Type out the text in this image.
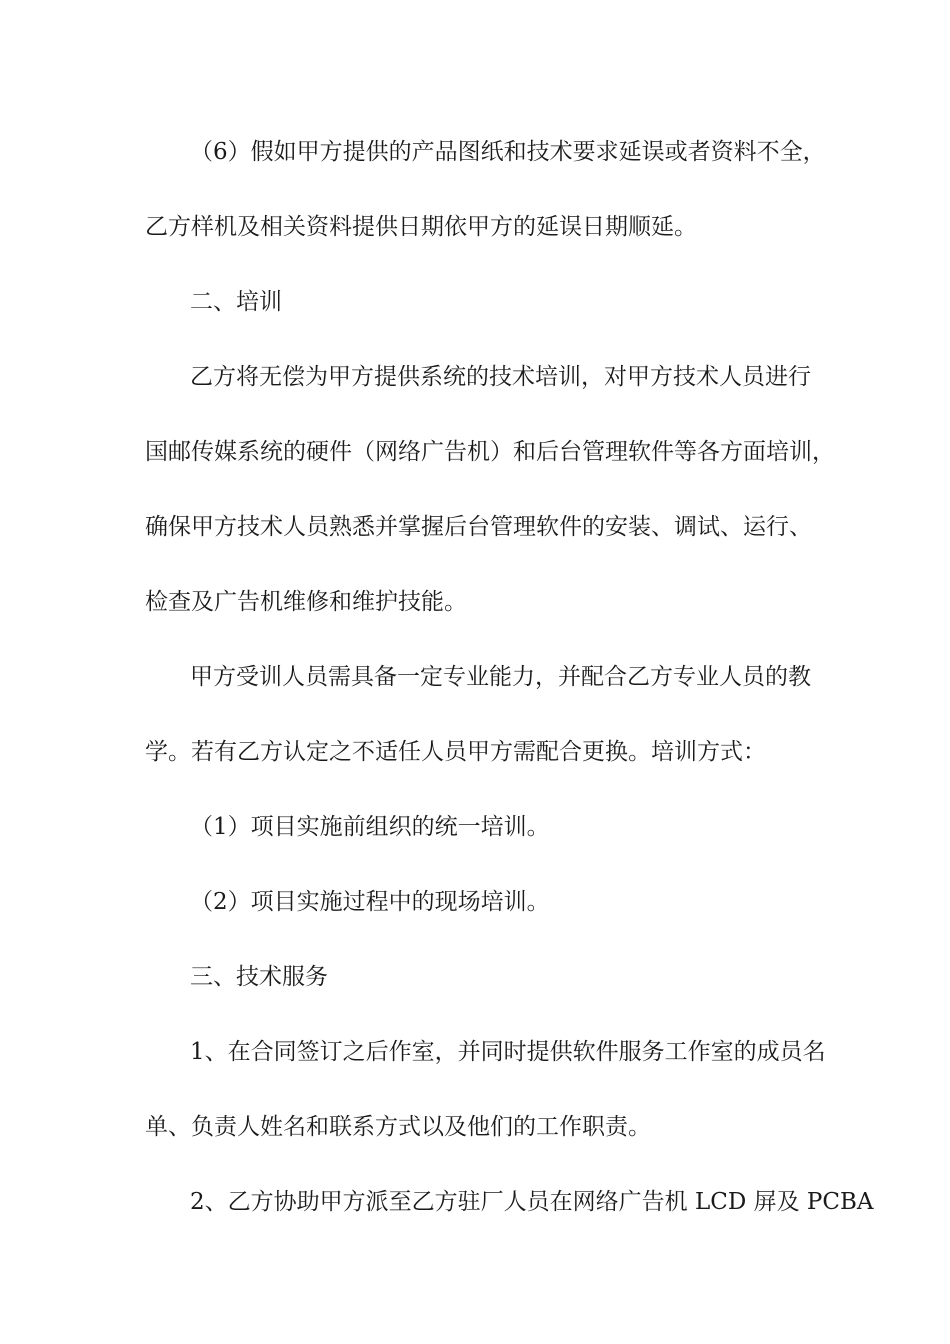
（6）假如甲方提供的产品图纸和技术要求延误或者资料不全，
乙方样机及相关资料提供日期依甲方的延误日期顺延。
二、培训
乙方将无偿为甲方提供系统的技术培训，对甲方技术人员进行
国邮传媒系统的硬件（网络广告机）和后台管理软件等各方面培训，
确保甲方技术人员熟悉并掌握后台管理软件的安装、调试、运行、
检查及广告机维修和维护技能。
甲方受训人员需具备一定专业能力，并配合乙方专业人员的教
学。若有乙方认定之不适任人员甲方需配合更换。培训方式：
（1）项目实施前组织的统一培训。
（2）项目实施过程中的现场培训。
三、技术服务
1、在合同签订之后作室，并同时提供软件服务工作室的成员名
单、负责人姓名和联系方式以及他们的工作职责。
2、乙方协助甲方派至乙方驻厂人员在网络广告机 LCD 屏及 PCBA
